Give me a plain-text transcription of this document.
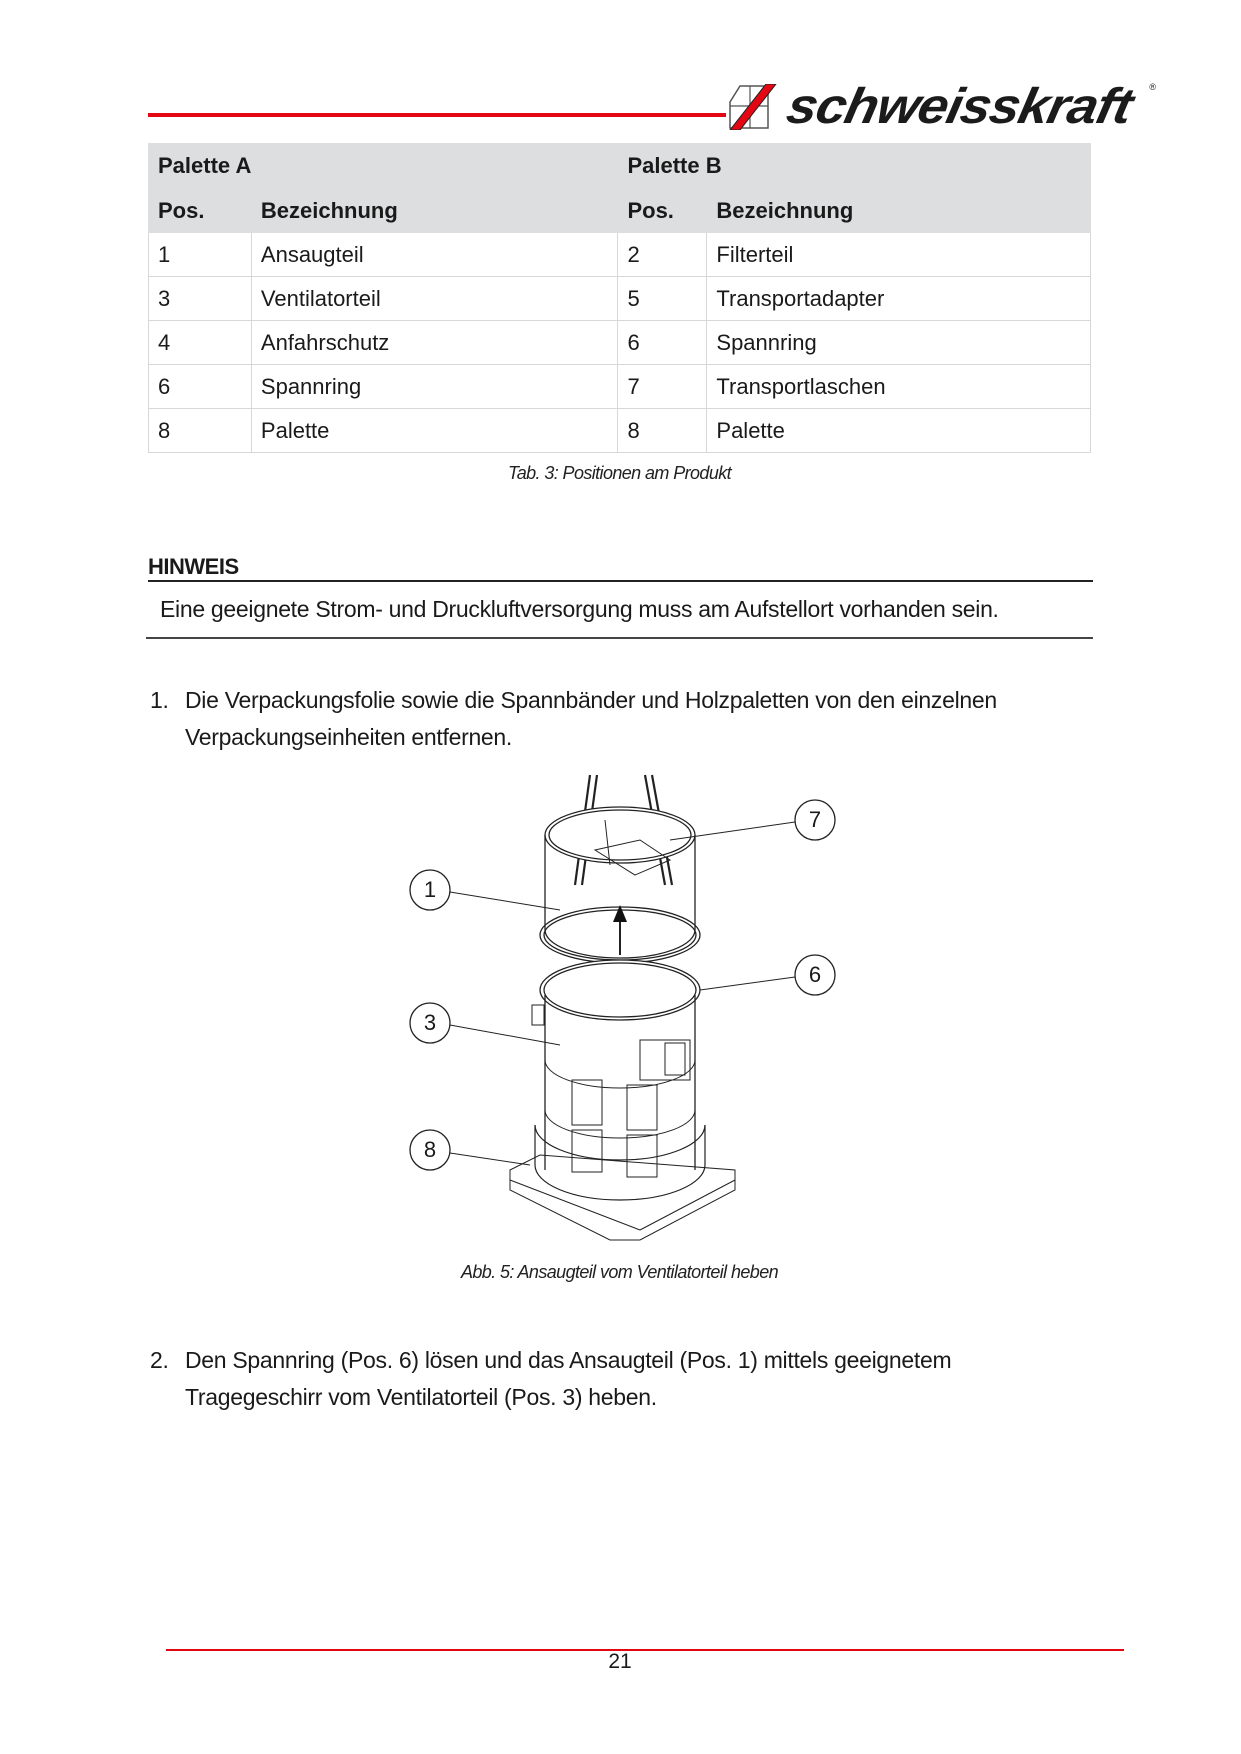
schweisskraft ®
Palette A		Palette B	
Pos.	Bezeichnung	Pos.	Bezeichnung
1	Ansaugteil	2	Filterteil
3	Ventilatorteil	5	Transportadapter
4	Anfahrschutz	6	Spannring
6	Spannring	7	Transportlaschen
8	Palette	8	Palette
Tab. 3: Positionen am Produkt
HINWEIS
Eine geeignete Strom- und Druckluftversorgung muss am Aufstellort vorhanden sein.
1. Die Verpackungsfolie sowie die Spannbänder und Holzpaletten von den einzelnen
Verpackungseinheiten entfernen.
1
3
8
7
6
Abb. 5: Ansaugteil vom Ventilatorteil heben
2. Den Spannring (Pos. 6) lösen und das Ansaugteil (Pos. 1) mittels geeignetem
Tragegeschirr vom Ventilatorteil (Pos. 3) heben.
21
